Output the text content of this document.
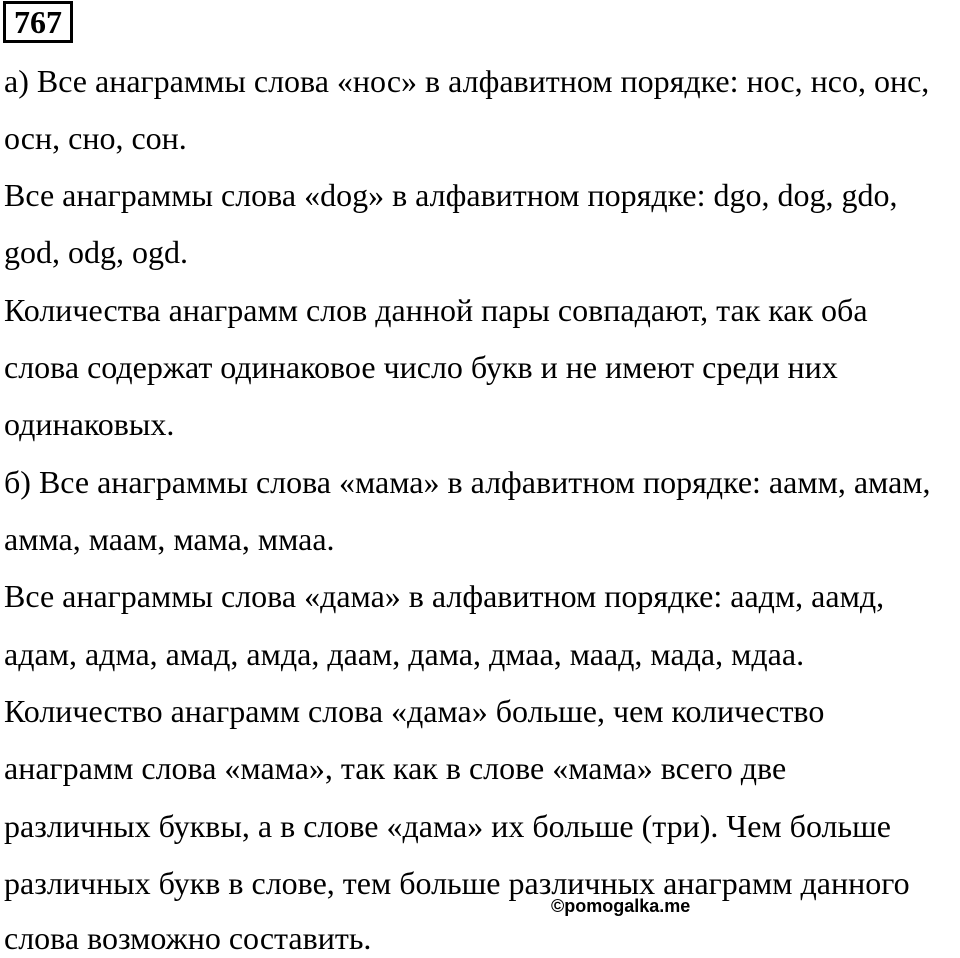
767
а) Все анаграммы слова «нос» в алфавитном порядке: нос, нсо, онс,
осн, сно, сон.
Все анаграммы слова «dog» в алфавитном порядке: dgo, dog, gdo,
god, odg, ogd.
Количества анаграмм слов данной пары совпадают, так как оба
слова содержат одинаковое число букв и не имеют среди них
одинаковых.
б) Все анаграммы слова «мама» в алфавитном порядке: аамм, амам,
амма, маам, мама, ммаа.
Все анаграммы слова «дама» в алфавитном порядке: аадм, аамд,
адам, адма, амад, амда, даам, дама, дмаа, маад, мада, мдаа.
Количество анаграмм слова «дама» больше, чем количество
анаграмм слова «мама», так как в слове «мама» всего две
различных буквы, а в слове «дама» их больше (три). Чем больше
различных букв в слове, тем больше различных анаграмм данного
слова возможно составить.
©pomogalka.me
